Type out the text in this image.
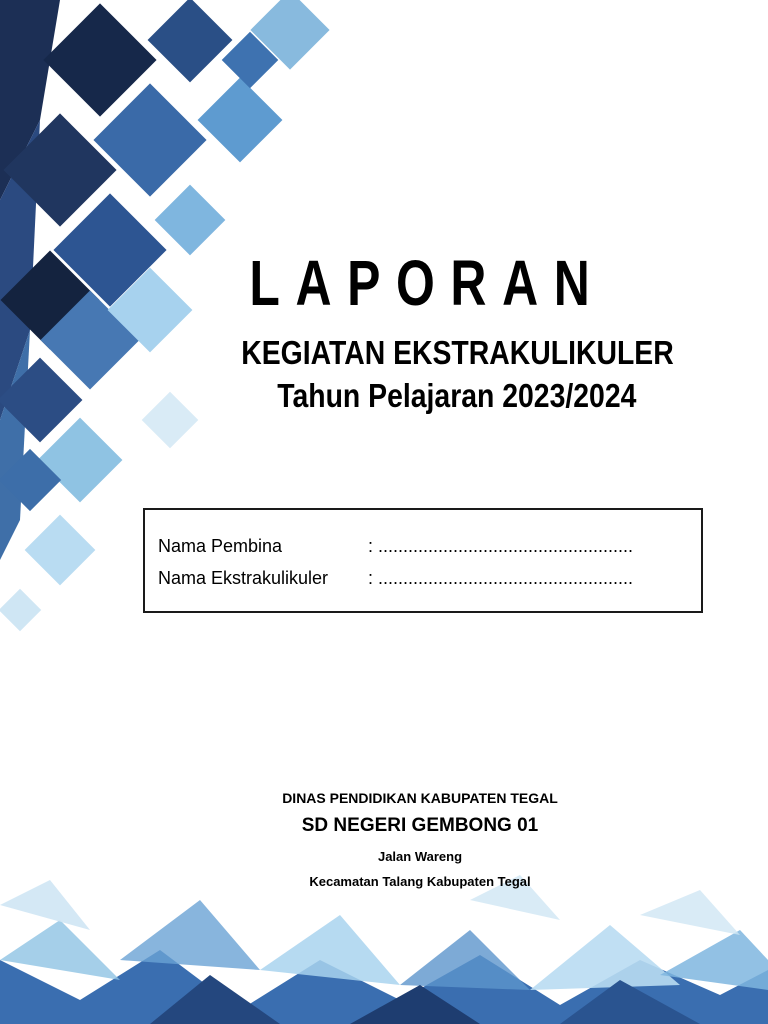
LAPORAN
KEGIATAN EKSTRAKULIKULER
Tahun Pelajaran 2023/2024
Nama Pembina	: ...................................................
Nama Ekstrakulikuler : ...................................................
DINAS PENDIDIKAN KABUPATEN TEGAL
SD NEGERI GEMBONG 01
Jalan Wareng
Kecamatan Talang Kabupaten Tegal
